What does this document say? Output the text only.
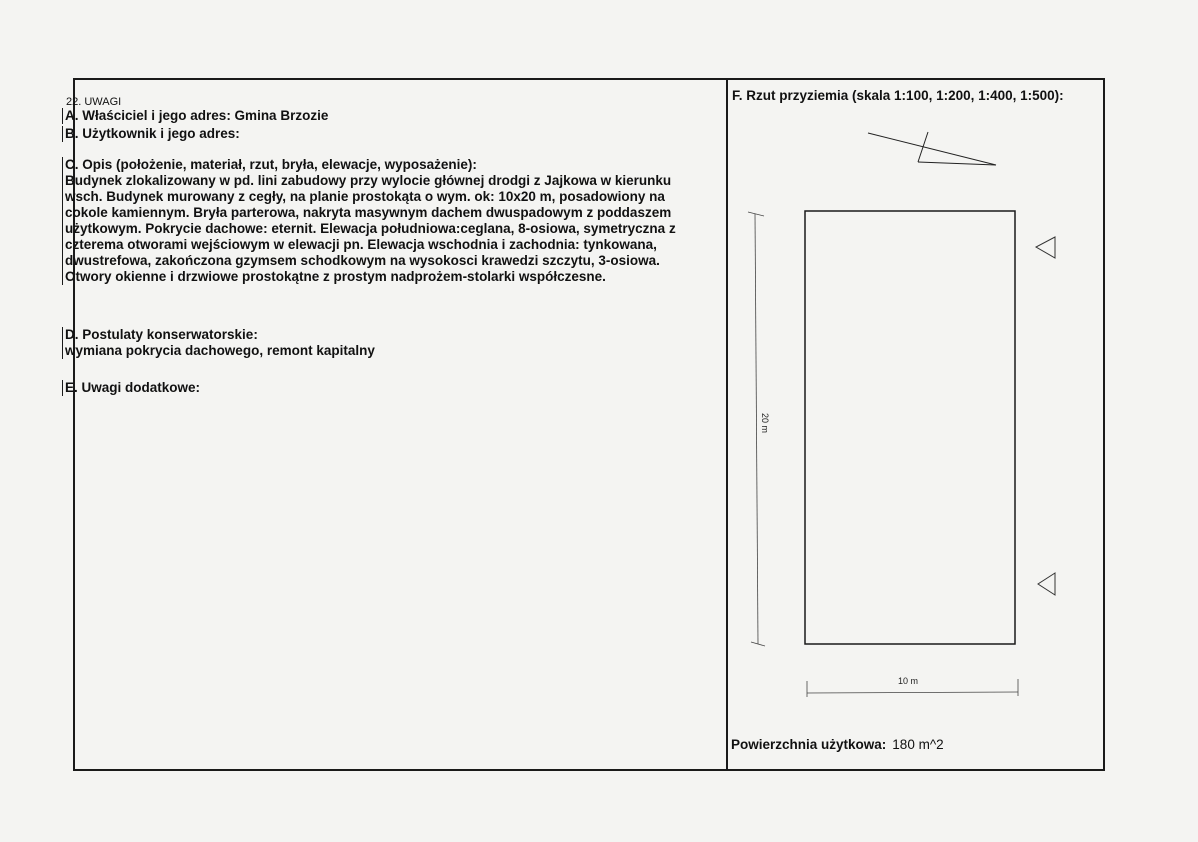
22. UWAGI
A. Właściciel i jego adres: Gmina Brzozie
B. Użytkownik i jego adres:
C. Opis (położenie, materiał, rzut, bryła, elewacje, wyposażenie):
Budynek zlokalizowany w pd. lini zabudowy przy wylocie głównej drodgi z Jajkowa w kierunku
wsch. Budynek murowany z cegły, na planie prostokąta o wym. ok: 10x20 m, posadowiony na
cokole kamiennym. Bryła parterowa, nakryta masywnym dachem dwuspadowym z poddaszem
użytkowym. Pokrycie dachowe: eternit. Elewacja południowa:ceglana, 8-osiowa, symetryczna z
czterema otworami wejściowym w elewacji pn. Elewacja wschodnia i zachodnia: tynkowana,
dwustrefowa, zakończona gzymsem schodkowym na wysokosci krawedzi szczytu, 3-osiowa.
Otwory okienne i drzwiowe prostokątne z prostym nadprożem-stolarki współczesne.
D. Postulaty konserwatorskie:
wymiana pokrycia dachowego, remont kapitalny
E. Uwagi dodatkowe:
F. Rzut przyziemia (skala 1:100, 1:200, 1:400, 1:500):
20 m
10 m
Powierzchnia użytkowa: 180 m^2
